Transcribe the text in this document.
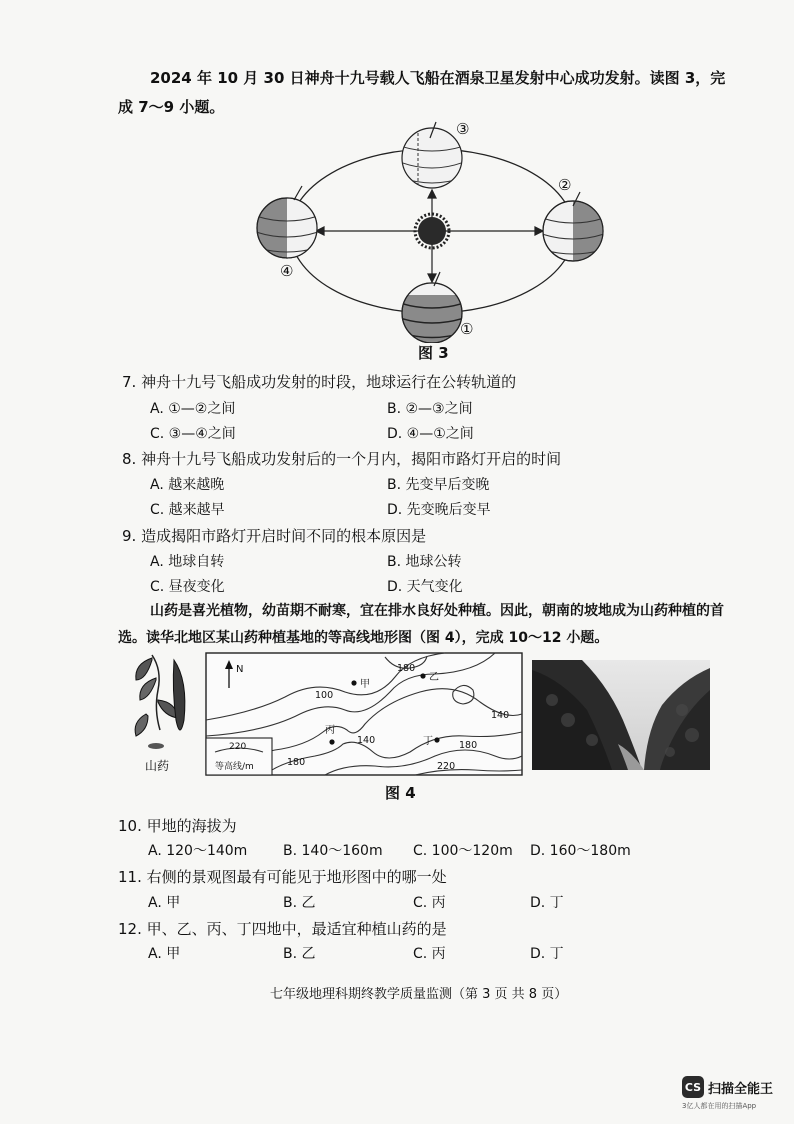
2024 年 10 月 30 日神舟十九号载人飞船在酒泉卫星发射中心成功发射。读图 3，完成 7～9 小题。
③
②
④
①
图 3
7. 神舟十九号飞船成功发射的时段，地球运行在公转轨道的
A. ①—②之间	B. ②—③之间
C. ③—④之间	D. ④—①之间
8. 神舟十九号飞船成功发射后的一个月内，揭阳市路灯开启的时间
A. 越来越晚	B. 先变早后变晚
C. 越来越早	D. 先变晚后变早
9. 造成揭阳市路灯开启时间不同的根本原因是
A. 地球自转	B. 地球公转
C. 昼夜变化	D. 天气变化
山药是喜光植物，幼苗期不耐寒，宜在排水良好处种植。因此，朝南的坡地成为山药种植的首选。读华北地区某山药种植基地的等高线地形图（图 4），完成 10～12 小题。
山药
N
220
等高线/m
180
100
140
140	180
180	220
甲
乙
丙
丁
图 4
10. 甲地的海拔为
A. 120～140m	B. 140～160m C. 100～120m D. 160～180m
11. 右侧的景观图最有可能见于地形图中的哪一处
A. 甲	B. 乙	C. 丙	D. 丁
12. 甲、乙、丙、丁四地中，最适宜种植山药的是
A. 甲	B. 乙	C. 丙	D. 丁
七年级地理科期终教学质量监测（第 3 页 共 8 页）
CS 扫描全能王
3亿人都在用的扫描App
